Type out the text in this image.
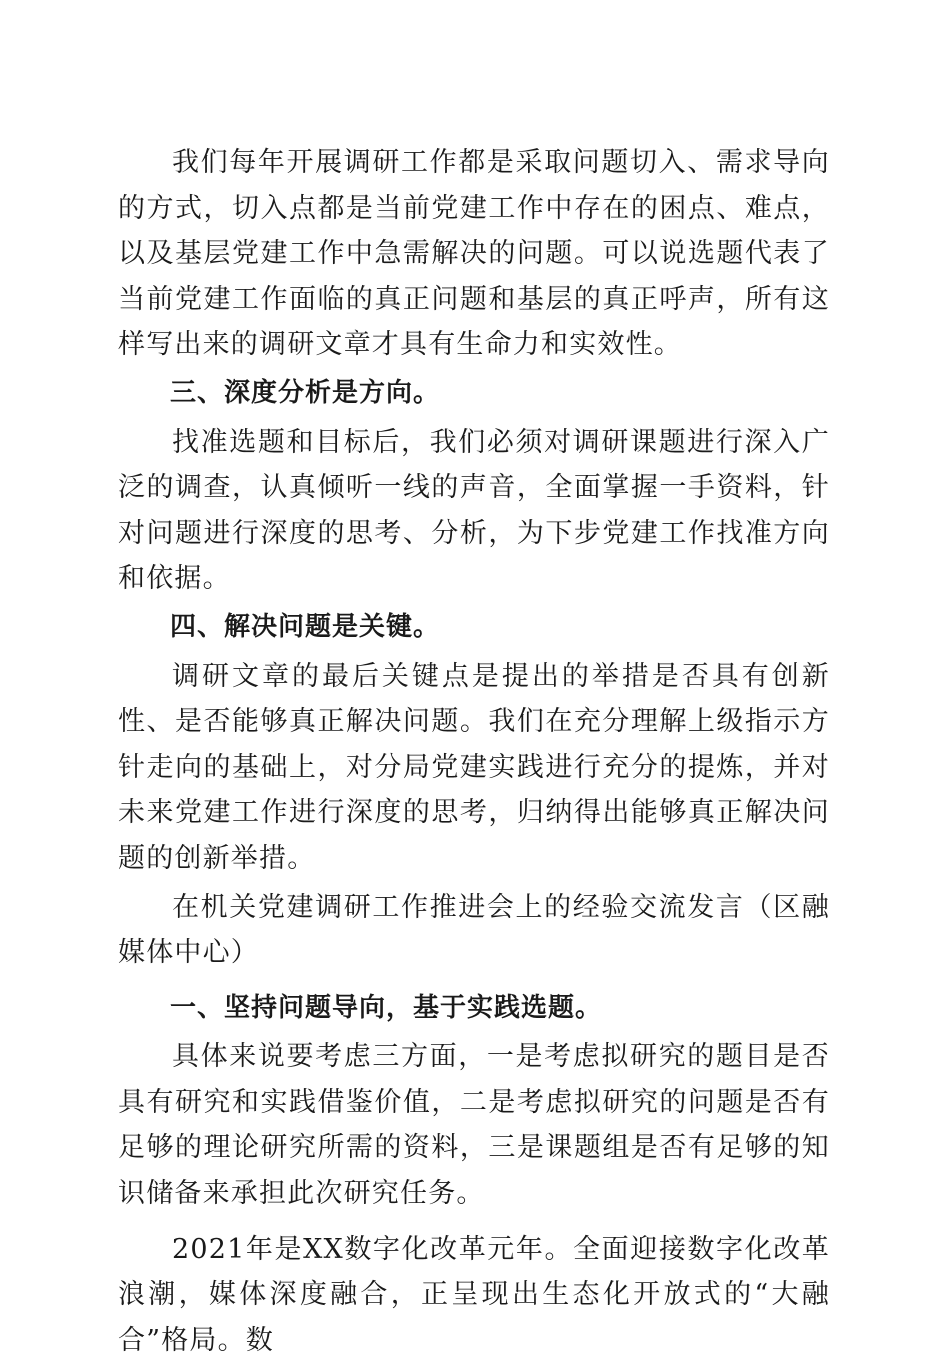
我们每年开展调研工作都是采取问题切入、需求导向的方式，切入点都是当前党建工作中存在的困点、难点，以及基层党建工作中急需解决的问题。可以说选题代表了当前党建工作面临的真正问题和基层的真正呼声，所有这样写出来的调研文章才具有生命力和实效性。

三、深度分析是方向。

找准选题和目标后，我们必须对调研课题进行深入广泛的调查，认真倾听一线的声音，全面掌握一手资料，针对问题进行深度的思考、分析，为下步党建工作找准方向和依据。

四、解决问题是关键。

调研文章的最后关键点是提出的举措是否具有创新性、是否能够真正解决问题。我们在充分理解上级指示方针走向的基础上，对分局党建实践进行充分的提炼，并对未来党建工作进行深度的思考，归纳得出能够真正解决问题的创新举措。

在机关党建调研工作推进会上的经验交流发言（区融媒体中心）

一、坚持问题导向，基于实践选题。

具体来说要考虑三方面，一是考虑拟研究的题目是否具有研究和实践借鉴价值，二是考虑拟研究的问题是否有足够的理论研究所需的资料，三是课题组是否有足够的知识储备来承担此次研究任务。

2021年是XX数字化改革元年。全面迎接数字化改革浪潮，媒体深度融合，正呈现出生态化开放式的“大融合”格局。数
